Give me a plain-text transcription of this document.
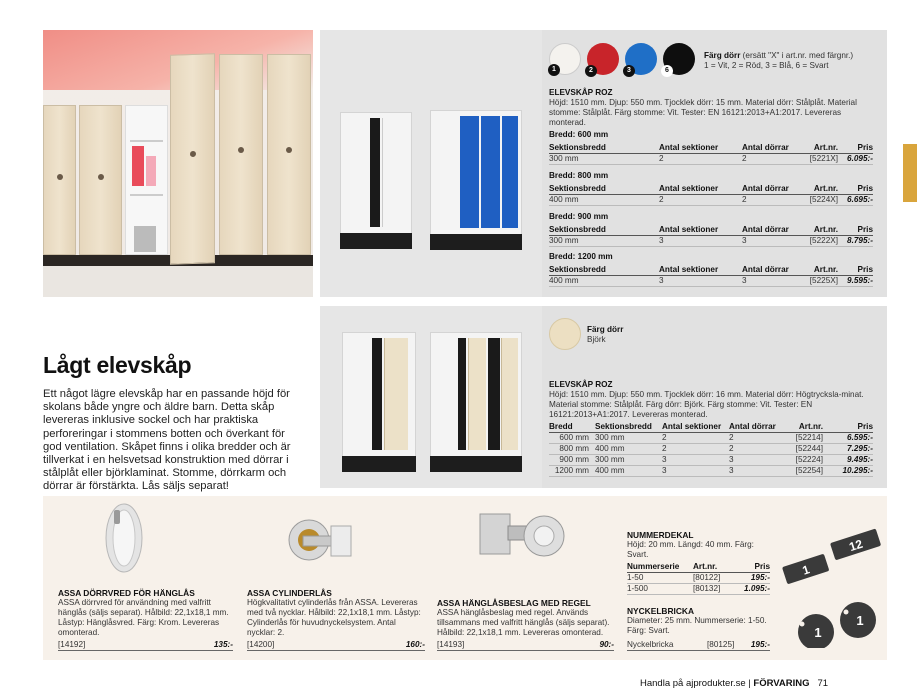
1	2	3	6
Färg dörr (ersätt "X" i art.nr. med färgnr.)
1 = Vit, 2 = Röd, 3 = Blå, 6 = Svart
ELEVSKÅP ROZ
Höjd: 1510 mm. Djup: 550 mm. Tjocklek dörr: 15 mm. Material dörr: Stålplåt. Material stomme: Stålplåt. Färg stomme: Vit. Tester: EN 16121:2013+A1:2017. Levereras monterad.
Bredd: 600 mm
Sektionsbredd	Antal sektioner	Antal dörrar	Art.nr.	Pris
300 mm	2	2	[5221X]	6.095:-
Bredd: 800 mm
Sektionsbredd	Antal sektioner	Antal dörrar	Art.nr.	Pris
400 mm	2	2	[5224X]	6.695:-
Bredd: 900 mm
Sektionsbredd	Antal sektioner	Antal dörrar	Art.nr.	Pris
300 mm	3	3	[5222X]	8.795:-
Bredd: 1200 mm
Sektionsbredd	Antal sektioner	Antal dörrar	Art.nr.	Pris
400 mm	3	3	[5225X]	9.595:-
Färg dörr
Björk
ELEVSKÅP ROZ
Höjd: 1510 mm. Djup: 550 mm. Tjocklek dörr: 16 mm. Material dörr: Högtrycksla-minat. Material stomme: Stålplåt. Färg dörr: Björk. Färg stomme: Vit. Tester: EN 16121:2013+A1:2017. Levereras monterad.
Bredd	Sektionsbredd	Antal sektioner	Antal dörrar	Art.nr.	Pris
600 mm	300 mm	2	2	[52214]	6.595:-
800 mm	400 mm	2	2	[52244]	7.295:-
900 mm	300 mm	3	3	[52224]	9.495:-
1200 mm	400 mm	3	3	[52254]	10.295:-
Lågt elevskåp
Ett något lägre elevskåp har en passande höjd för skolans både yngre och äldre barn. Detta skåp levereras inklusive sockel och har praktiska perforeringar i stommens botten och överkant för god ventilation. Skåpet finns i olika bredder och är tillverkat i en helsvetsad konstruktion med dörrar i stålplåt eller björklaminat. Stomme, dörrkarm och dörrar är förstärkta. Lås säljs separat!
ASSA DÖRRVRED FÖR HÄNGLÅS

ASSA dörrvred för användning med valfritt hänglås (säljs separat). Hålbild: 22,1x18,1 mm. Låstyp: Hänglåsvred. Färg: Krom. Levereras omonterad.

[14192]	135:-
ASSA CYLINDERLÅS

Högkvalitativt cylinderlås från ASSA. Levereras med två nycklar. Hålbild: 22,1x18,1 mm. Låstyp: Cylinderlås för huvudnyckelsystem. Antal nycklar: 2.

[14200]	160:-
ASSA HÄNGLÅSBESLAG MED REGEL

ASSA hänglåsbeslag med regel. Används tillsammans med valfritt hänglås (säljs separat). Hålbild: 22,1x18,1 mm. Levereras omonterad.

[14193]	90:-
NUMMERDEKAL

Höjd: 20 mm. Längd: 40 mm. Färg: Svart.

Nummerserie	Art.nr.	Pris
1-50	[80122]	195:-
1-500	[80132]	1.095:-
NYCKELBRICKA

Diameter: 25 mm. Nummerserie: 1-50. Färg: Svart.

Nyckelbricka	[80125] 195:-
1
12
1
1
Handla på ajprodukter.se | FÖRVARING 71
